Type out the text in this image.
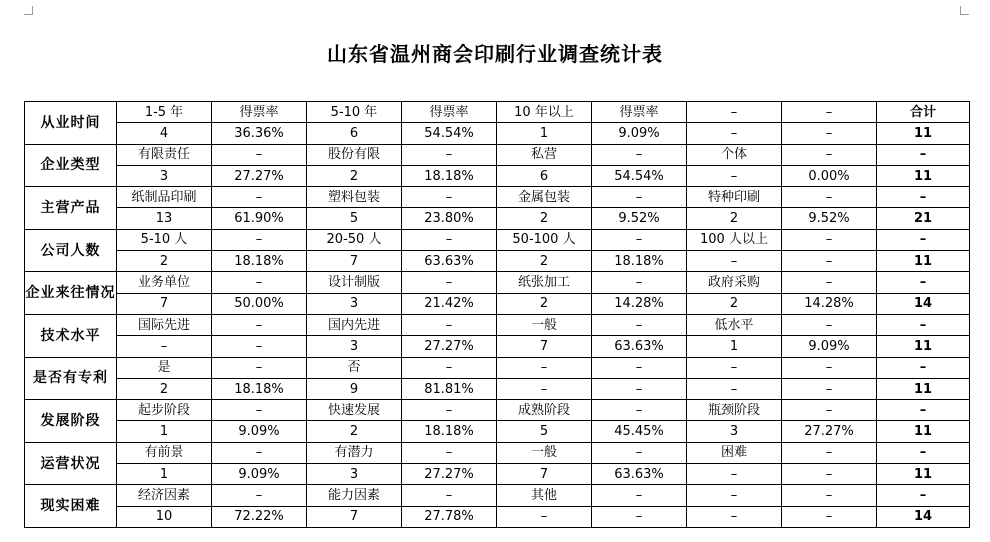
山东省温州商会印刷行业调查统计表
从业时间	1-5 年	得票率	5-10 年	得票率	10 年以上	得票率	–	–	合计
	4	36.36%	6	54.54%	1	9.09%	–	–	11
企业类型	有限责任	–	股份有限	–	私营	–	个体	–	–
	3	27.27%	2	18.18%	6	54.54%	–	0.00%	11
主营产品	纸制品印刷	–	塑料包装	–	金属包装	–	特种印刷	–	–
	13	61.90%	5	23.80%	2	9.52%	2	9.52%	21
公司人数	5-10 人	–	20-50 人	–	50-100 人	–	100 人以上	–	–
	2	18.18%	7	63.63%	2	18.18%	–	–	11
企业来往情况	业务单位	–	设计制版	–	纸张加工	–	政府采购	–	–
	7	50.00%	3	21.42%	2	14.28%	2	14.28%	14
技术水平	国际先进	–	国内先进	–	一般	–	低水平	–	–
	–	–	3	27.27%	7	63.63%	1	9.09%	11
是否有专利	是	–	否	–	–	–	–	–	–
	2	18.18%	9	81.81%	–	–	–	–	11
发展阶段	起步阶段	–	快速发展	–	成熟阶段	–	瓶颈阶段	–	–
	1	9.09%	2	18.18%	5	45.45%	3	27.27%	11
运营状况	有前景	–	有潜力	–	一般	–	困难	–	–
	1	9.09%	3	27.27%	7	63.63%	–	–	11
现实困难	经济因素	–	能力因素	–	其他	–	–	–	–
	10	72.22%	7	27.78%	–	–	–	–	14
